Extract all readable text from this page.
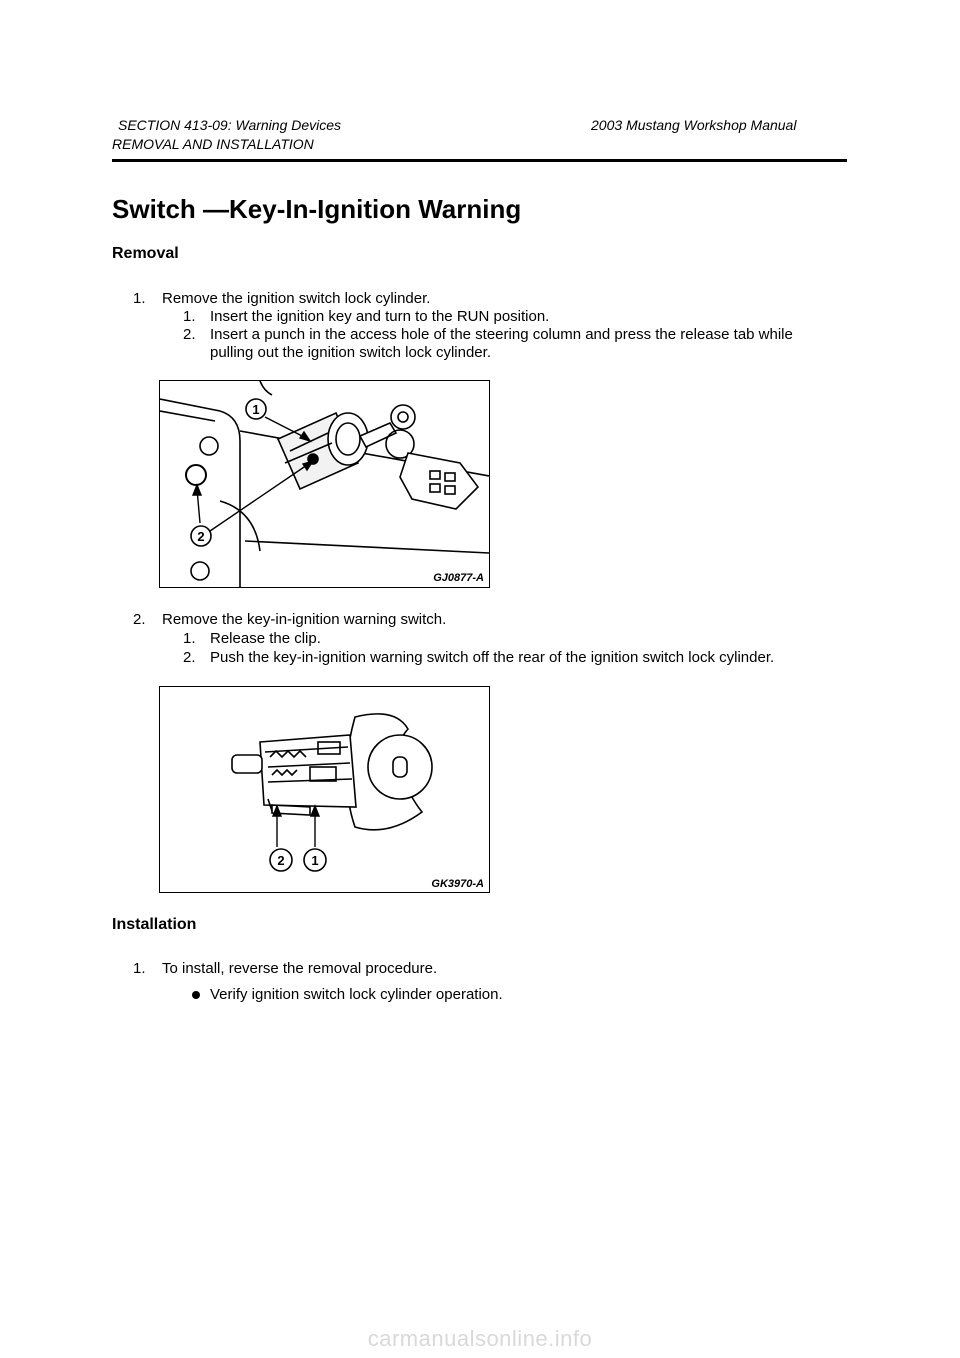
SECTION 413-09: Warning Devices	2003 Mustang Workshop Manual
REMOVAL AND INSTALLATION
Switch —Key-In-Ignition Warning
Removal
1. Remove the ignition switch lock cylinder.
1. Insert the ignition key and turn to the RUN position.
2. Insert a punch in the access hole of the steering column and press the release tab while
pulling out the ignition switch lock cylinder.
1
2
GJ0877-A
2. Remove the key-in-ignition warning switch.
1. Release the clip.
2. Push the key-in-ignition warning switch off the rear of the ignition switch lock cylinder.
2 1
GK3970-A
Installation
1. To install, reverse the removal procedure.
Verify ignition switch lock cylinder operation.
carmanualsonline.info
